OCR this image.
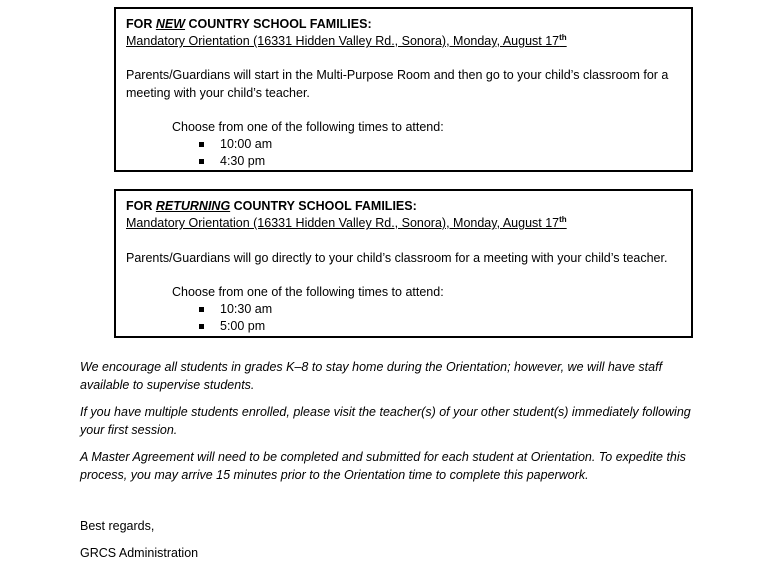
FOR NEW COUNTRY SCHOOL FAMILIES:
Mandatory Orientation (16331 Hidden Valley Rd., Sonora), Monday, August 17th
Parents/Guardians will start in the Multi-Purpose Room and then go to your child’s classroom for a meeting with your child’s teacher.
Choose from one of the following times to attend:
10:00 am
4:30 pm
FOR RETURNING COUNTRY SCHOOL FAMILIES:
Mandatory Orientation (16331 Hidden Valley Rd., Sonora), Monday, August 17th
Parents/Guardians will go directly to your child’s classroom for a meeting with your child’s teacher.
Choose from one of the following times to attend:
10:30 am
5:00 pm
We encourage all students in grades K–8 to stay home during the Orientation; however, we will have staff available to supervise students.
If you have multiple students enrolled, please visit the teacher(s) of your other student(s) immediately following your first session.
A Master Agreement will need to be completed and submitted for each student at Orientation. To expedite this process, you may arrive 15 minutes prior to the Orientation time to complete this paperwork.
Best regards,
GRCS Administration
